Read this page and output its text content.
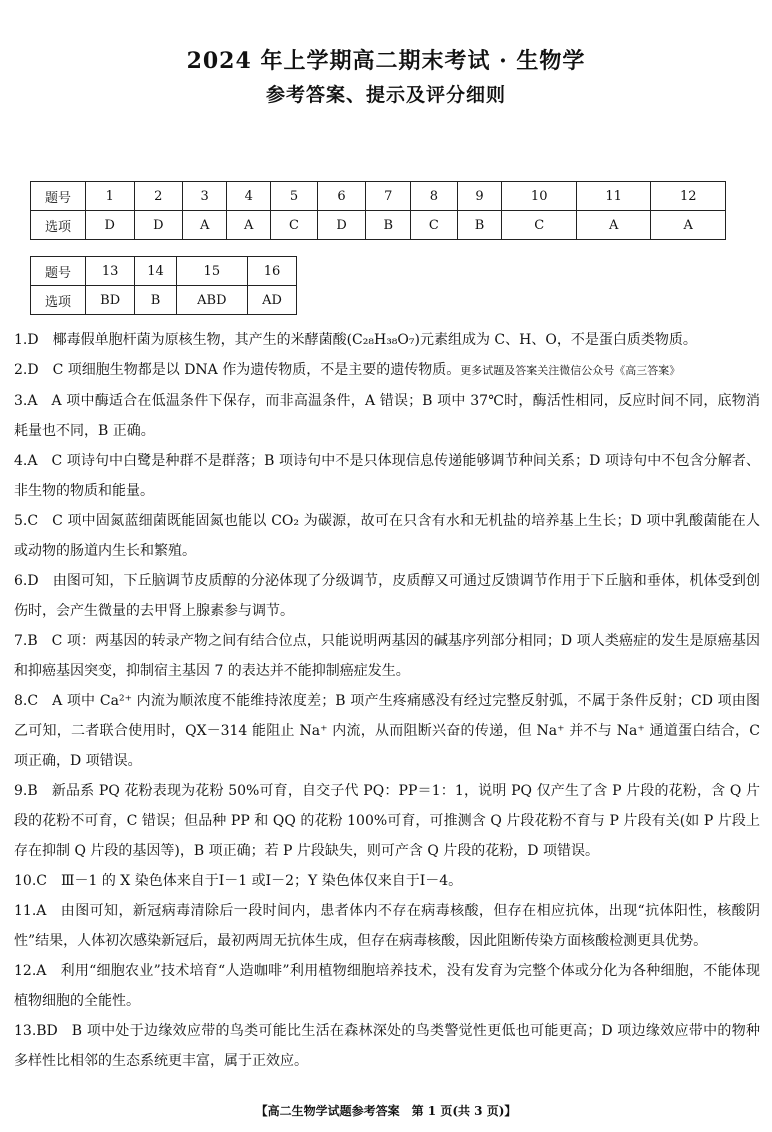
2024 年上学期高二期末考试 · 生物学
参考答案、提示及评分细则
题号	1	2	3	4	5	6	7	8	9	10	11	12
选项	D	D	A	A	C	D	B	C	B	C	A	A
题号	13	14	15	16
选项	BD	B	ABD	AD
1.D 椰毒假单胞杆菌为原核生物，其产生的米酵菌酸(C₂₈H₃₈O₇)元素组成为 C、H、O，不是蛋白质类物质。
2.D C 项细胞生物都是以 DNA 作为遗传物质，不是主要的遗传物质。更多试题及答案关注微信公众号《高三答案》
3.A A 项中酶适合在低温条件下保存，而非高温条件，A 错误；B 项中 37℃时，酶活性相同，反应时间不同，底物消耗量也不同，B 正确。
4.A C 项诗句中白鹭是种群不是群落；B 项诗句中不是只体现信息传递能够调节种间关系；D 项诗句中不包含分解者、非生物的物质和能量。
5.C C 项中固氮蓝细菌既能固氮也能以 CO₂ 为碳源，故可在只含有水和无机盐的培养基上生长；D 项中乳酸菌能在人或动物的肠道内生长和繁殖。
6.D 由图可知，下丘脑调节皮质醇的分泌体现了分级调节，皮质醇又可通过反馈调节作用于下丘脑和垂体，机体受到创伤时，会产生微量的去甲肾上腺素参与调节。
7.B C 项：两基因的转录产物之间有结合位点，只能说明两基因的碱基序列部分相同；D 项人类癌症的发生是原癌基因和抑癌基因突变，抑制宿主基因 7 的表达并不能抑制癌症发生。
8.C A 项中 Ca²⁺ 内流为顺浓度不能维持浓度差；B 项产生疼痛感没有经过完整反射弧，不属于条件反射；CD 项由图乙可知，二者联合使用时，QX－314 能阻止 Na⁺ 内流，从而阻断兴奋的传递，但 Na⁺ 并不与 Na⁺ 通道蛋白结合，C 项正确，D 项错误。
9.B 新品系 PQ 花粉表现为花粉 50%可育，自交子代 PQ：PP＝1：1，说明 PQ 仅产生了含 P 片段的花粉，含 Q 片段的花粉不可育，C 错误；但品种 PP 和 QQ 的花粉 100%可育，可推测含 Q 片段花粉不育与 P 片段有关(如 P 片段上存在抑制 Q 片段的基因等)，B 项正确；若 P 片段缺失，则可产含 Q 片段的花粉，D 项错误。
10.C Ⅲ－1 的 X 染色体来自于Ⅰ－1 或Ⅰ－2；Y 染色体仅来自于Ⅰ－4。
11.A 由图可知，新冠病毒清除后一段时间内，患者体内不存在病毒核酸，但存在相应抗体，出现“抗体阳性，核酸阴性”结果，人体初次感染新冠后，最初两周无抗体生成，但存在病毒核酸，因此阻断传染方面核酸检测更具优势。
12.A 利用“细胞农业”技术培育“人造咖啡”利用植物细胞培养技术，没有发育为完整个体或分化为各种细胞，不能体现植物细胞的全能性。
13.BD B 项中处于边缘效应带的鸟类可能比生活在森林深处的鸟类警觉性更低也可能更高；D 项边缘效应带中的物种多样性比相邻的生态系统更丰富，属于正效应。
【高二生物学试题参考答案　第 1 页(共 3 页)】
